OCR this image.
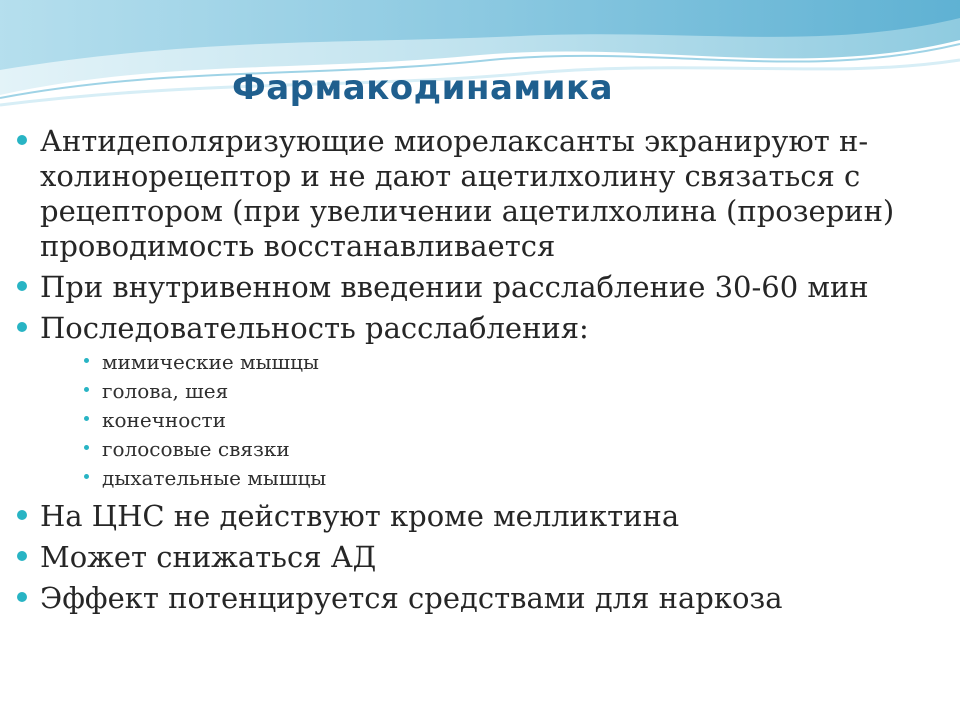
Фармакодинамика
Антидеполяризующие миорелаксанты экранируют н-холинорецептор и не дают ацетилхолину связаться с рецептором (при увеличении ацетилхолина (прозерин) проводимость восстанавливается
При внутривенном введении расслабление 30-60 мин
Последовательность расслабления:
мимические мышцы
голова, шея
конечности
голосовые связки
дыхательные мышцы
На ЦНС не действуют кроме мелликтина
Может снижаться АД
Эффект потенцируется средствами для наркоза
